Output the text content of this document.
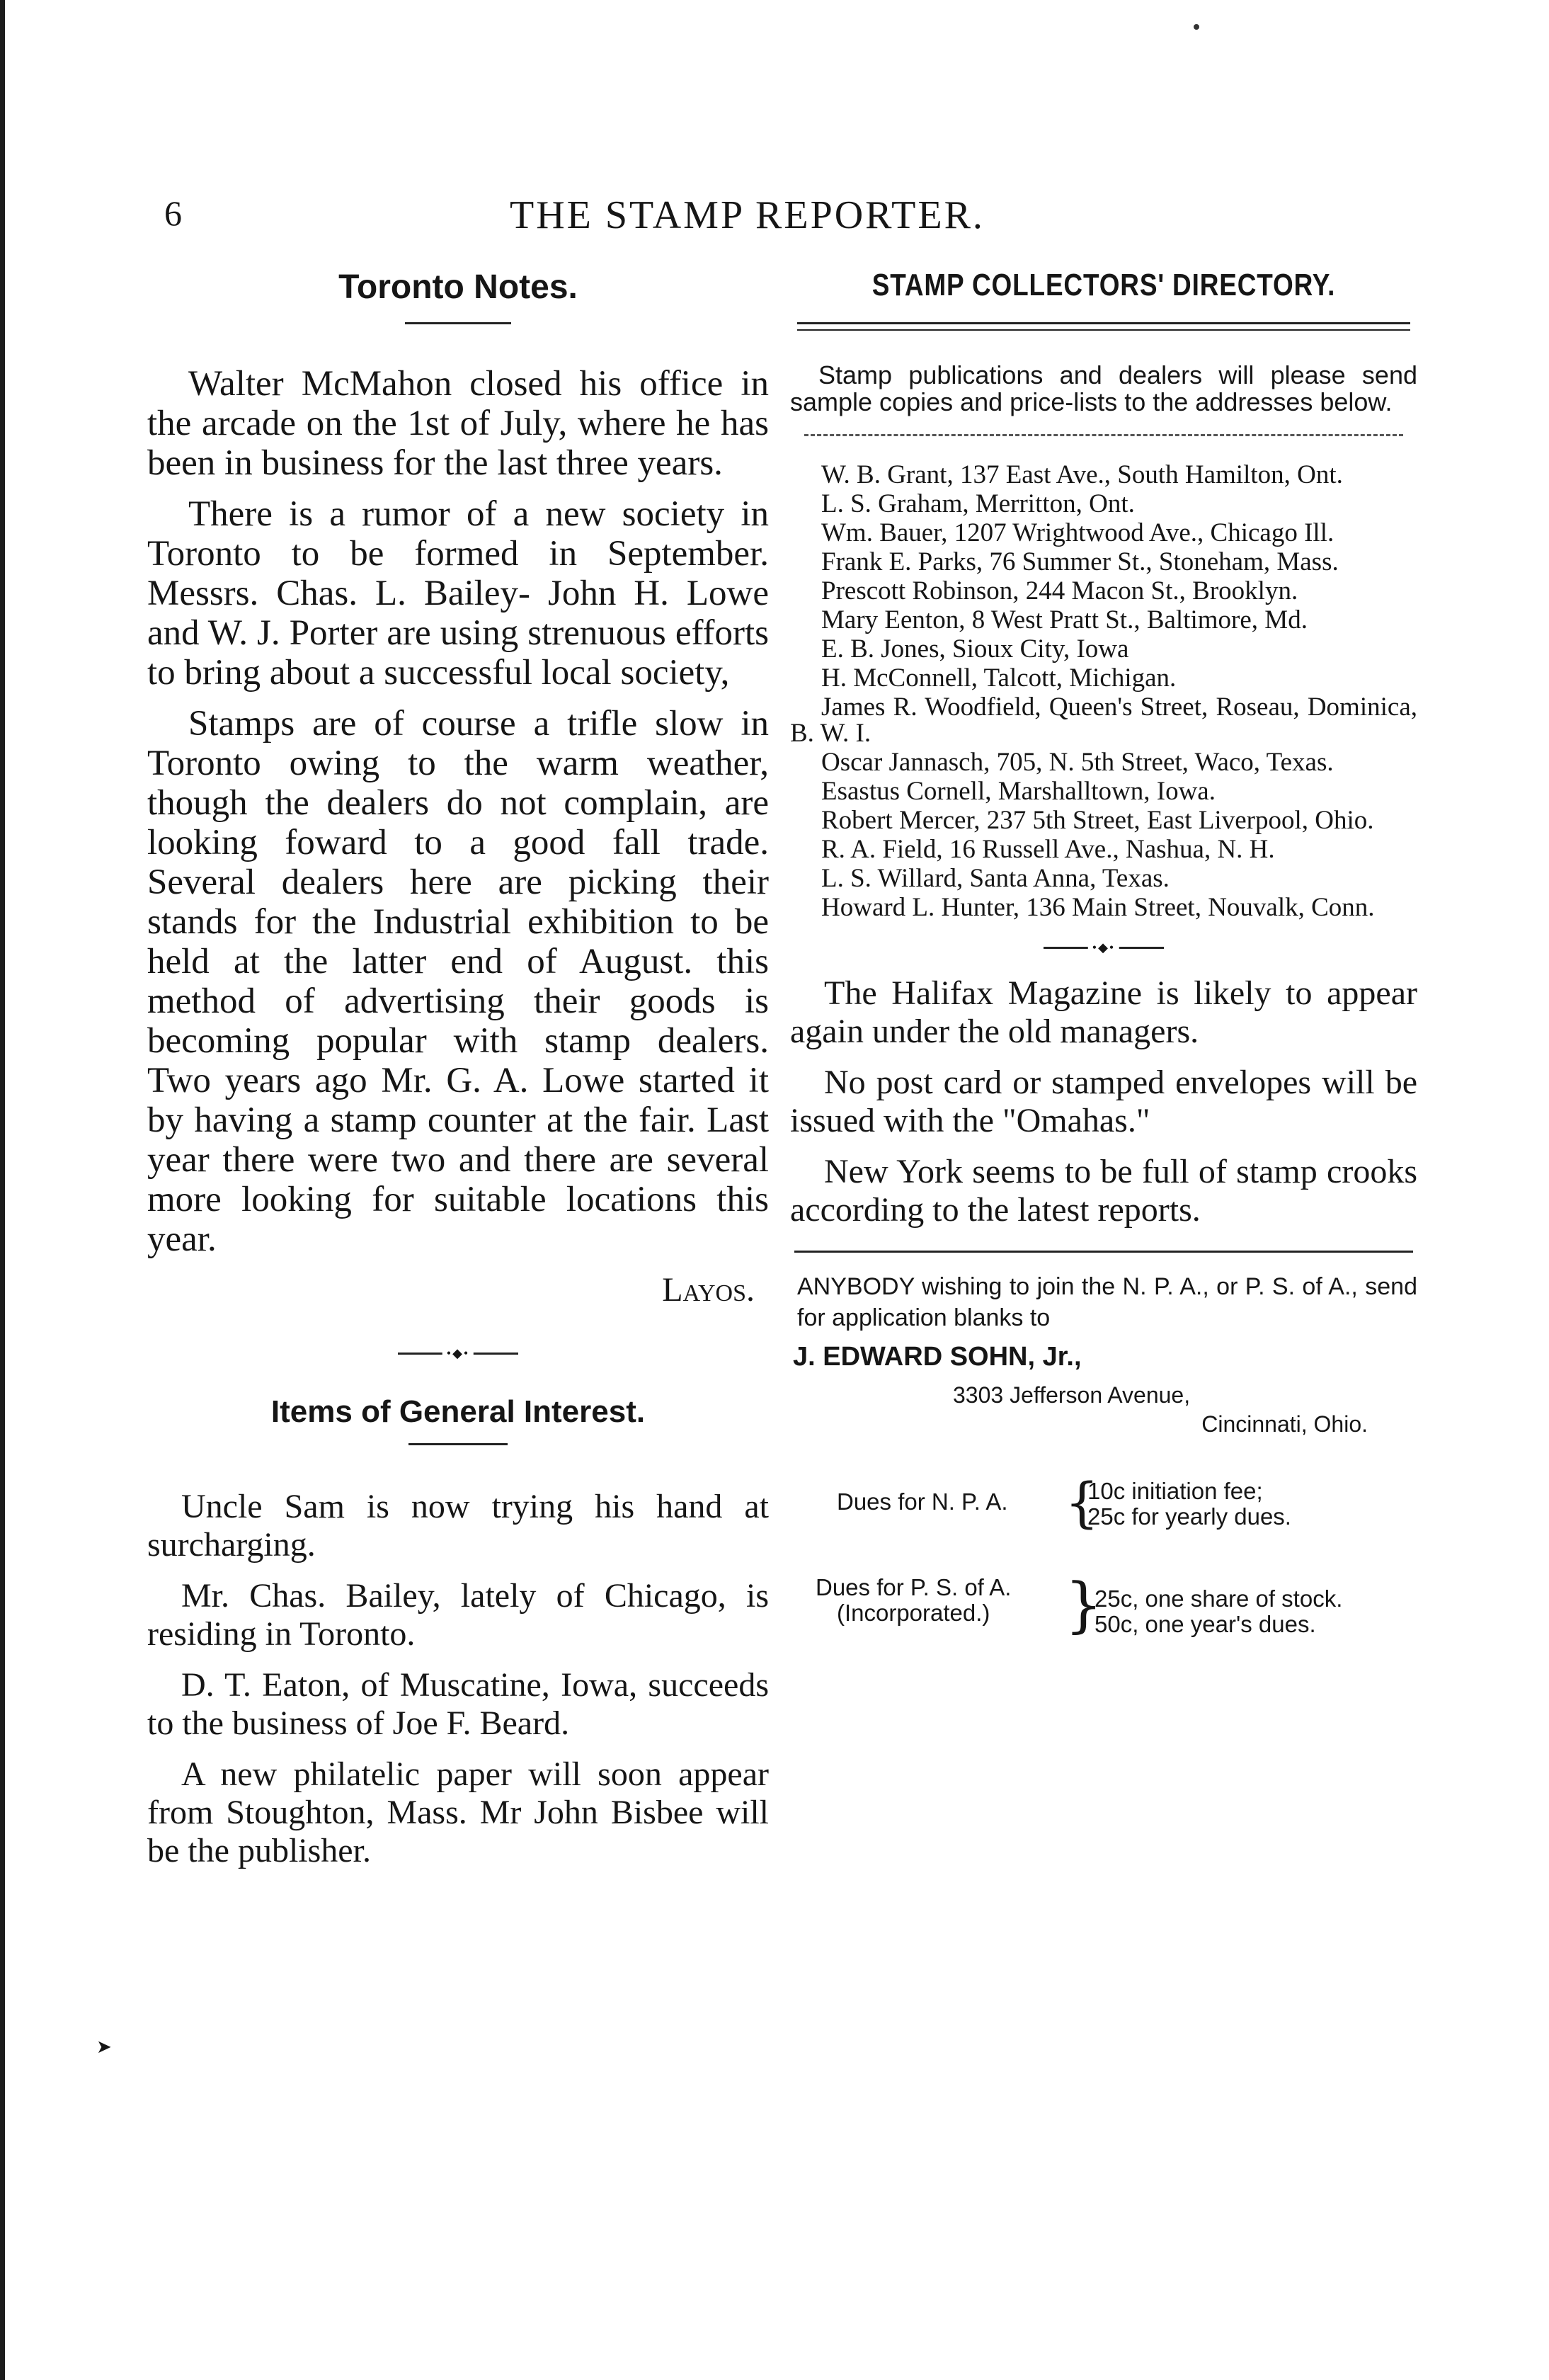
6	THE STAMP REPORTER.
Toronto Notes.

Walter McMahon closed his office in the arcade on the 1st of July, where he has been in business for the last three years.

There is a rumor of a new society in Toronto to be formed in September. Messrs. Chas. L. Bailey- John H. Lowe and W. J. Porter are using strenuous efforts to bring about a successful local society,

Stamps are of course a trifle slow in Toronto owing to the warm weather, though the dealers do not complain, are looking foward to a good fall trade. Several dealers here are picking their stands for the Industrial exhibition to be held at the latter end of August. this method of advertising their goods is becoming popular with stamp dealers. Two years ago Mr. G. A. Lowe started it by having a stamp counter at the fair. Last year there were two and there are several more looking for suitable locations this year.

Layos.

•◆•
Items of General Interest.

Uncle Sam is now trying his hand at surcharging.

Mr. Chas. Bailey, lately of Chicago, is residing in Toronto.

D. T. Eaton, of Muscatine, Iowa, succeeds to the business of Joe F. Beard.

A new philatelic paper will soon appear from Stoughton, Mass. Mr John Bisbee will be the publisher.

➤
STAMP COLLECTORS' DIRECTORY.

Stamp publications and dealers will please send sample copies and price-lists to the addresses below.

W. B. Grant, 137 East Ave., South Hamilton, Ont.
L. S. Graham, Merritton, Ont.
Wm. Bauer, 1207 Wrightwood Ave., Chicago Ill.
Frank E. Parks, 76 Summer St., Stoneham, Mass.
Prescott Robinson, 244 Macon St., Brooklyn.
Mary Eenton, 8 West Pratt St., Baltimore, Md.
E. B. Jones, Sioux City, Iowa
H. McConnell, Talcott, Michigan.
James R. Woodfield, Queen's Street, Roseau, Dominica, B. W. I.
Oscar Jannasch, 705, N. 5th Street, Waco, Texas.
Esastus Cornell, Marshalltown, Iowa.
Robert Mercer, 237 5th Street, East Liverpool, Ohio.
R. A. Field, 16 Russell Ave., Nashua, N. H.
L. S. Willard, Santa Anna, Texas.
Howard L. Hunter, 136 Main Street, Nouvalk, Conn.
•◆•

The Halifax Magazine is likely to appear again under the old managers.

No post card or stamped envelopes will be issued with the "Omahas."

New York seems to be full of stamp crooks according to the latest reports.

ANYBODY wishing to join the N. P. A., or P. S. of A., send for application blanks to

J. EDWARD SOHN, Jr.,

3303 Jefferson Avenue,

Cincinnati, Ohio.

Dues for N. P. A. {
10c initiation fee;
25c for yearly dues.
Dues for P. S. of A.
(Incorporated.)	}
25c, one share of stock.
50c, one year's dues.
